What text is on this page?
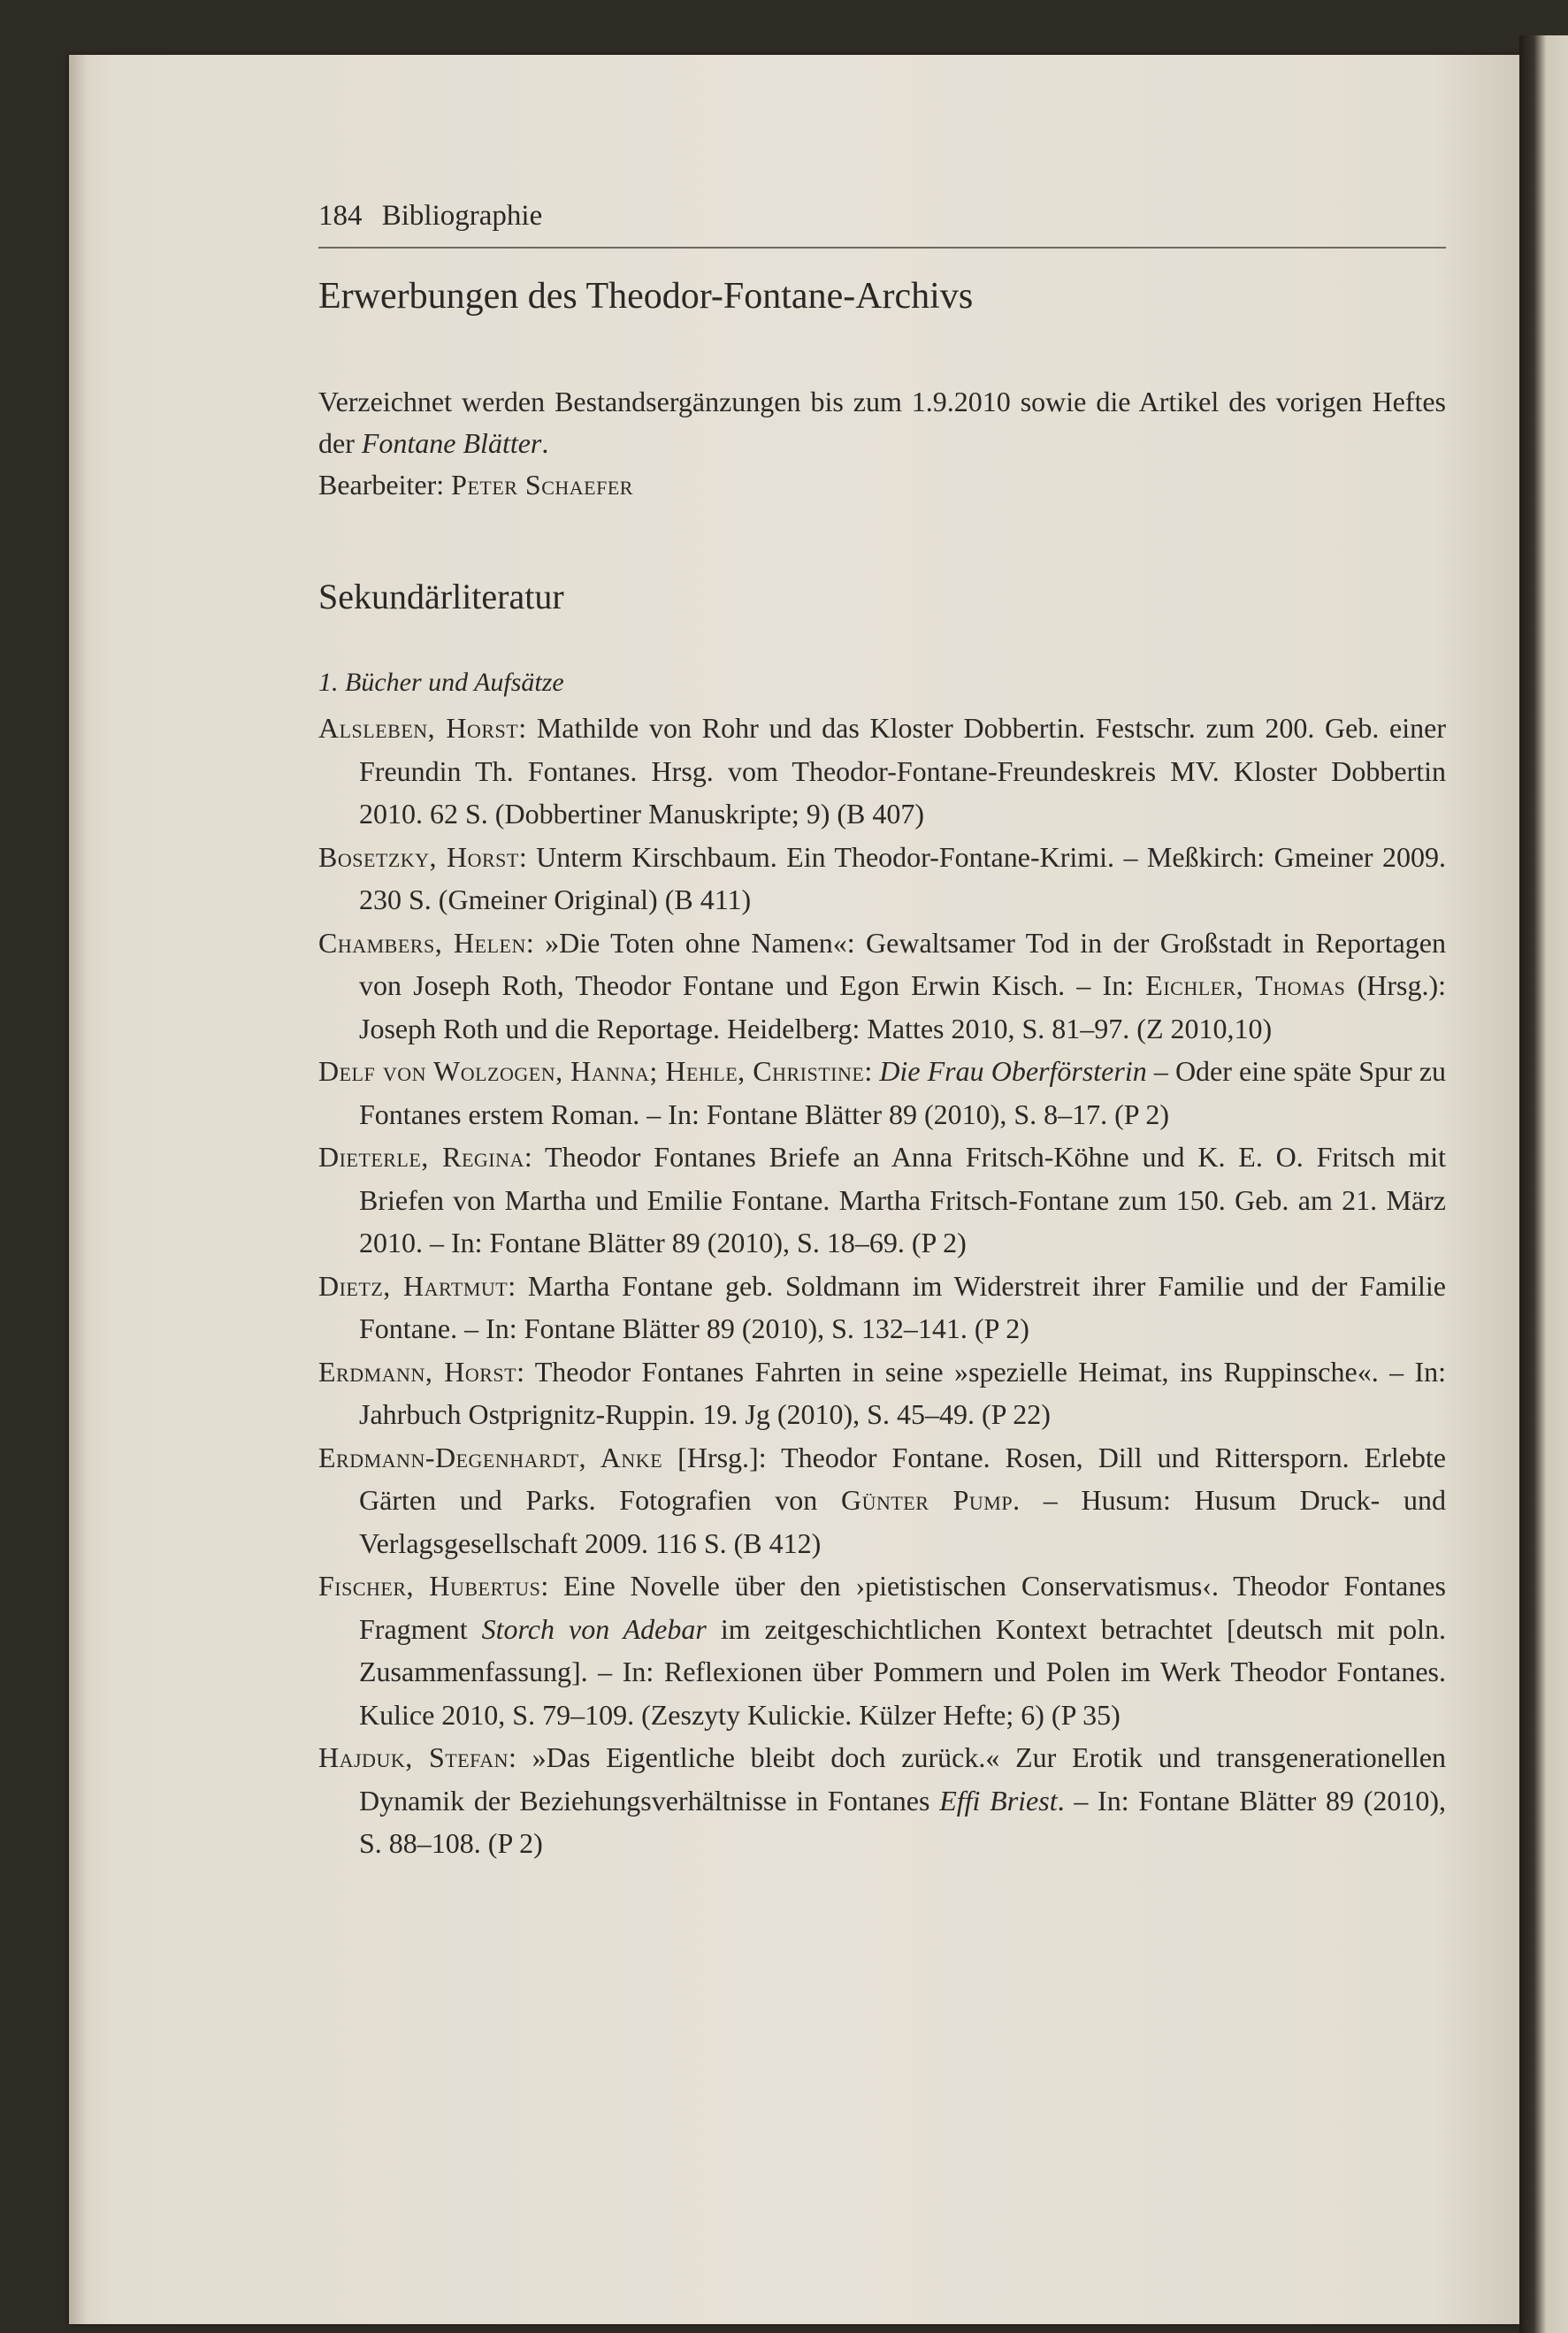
184 Bibliographie
Erwerbungen des Theodor-Fontane-Archivs

Verzeichnet werden Bestandsergänzungen bis zum 1.9.2010 sowie die Artikel des vorigen Heftes der Fontane Blätter.

Bearbeiter: Peter Schaefer

Sekundärliteratur
1. Bücher und Aufsätze
Alsleben, Horst: Mathilde von Rohr und das Kloster Dobbertin. Festschr. zum 200. Geb. einer Freundin Th. Fontanes. Hrsg. vom Theodor-Fontane-Freundeskreis MV. Kloster Dobbertin 2010. 62 S. (Dobbertiner Manuskripte; 9) (B 407)
Bosetzky, Horst: Unterm Kirschbaum. Ein Theodor-Fontane-Krimi. – Meßkirch: Gmeiner 2009. 230 S. (Gmeiner Original) (B 411)
Chambers, Helen: »Die Toten ohne Namen«: Gewaltsamer Tod in der Großstadt in Reportagen von Joseph Roth, Theodor Fontane und Egon Erwin Kisch. – In: Eichler, Thomas (Hrsg.): Joseph Roth und die Reportage. Heidelberg: Mattes 2010, S. 81–97. (Z 2010,10)
Delf von Wolzogen, Hanna; Hehle, Christine: Die Frau Oberförsterin – Oder eine späte Spur zu Fontanes erstem Roman. – In: Fontane Blätter 89 (2010), S. 8–17. (P 2)
Dieterle, Regina: Theodor Fontanes Briefe an Anna Fritsch-Köhne und K. E. O. Fritsch mit Briefen von Martha und Emilie Fontane. Martha Fritsch-Fontane zum 150. Geb. am 21. März 2010. – In: Fontane Blätter 89 (2010), S. 18–69. (P 2)
Dietz, Hartmut: Martha Fontane geb. Soldmann im Widerstreit ihrer Familie und der Familie Fontane. – In: Fontane Blätter 89 (2010), S. 132–141. (P 2)
Erdmann, Horst: Theodor Fontanes Fahrten in seine »spezielle Heimat, ins Ruppinsche«. – In: Jahrbuch Ostprignitz-Ruppin. 19. Jg (2010), S. 45–49. (P 22)
Erdmann-Degenhardt, Anke [Hrsg.]: Theodor Fontane. Rosen, Dill und Rittersporn. Erlebte Gärten und Parks. Fotografien von Günter Pump. – Husum: Husum Druck- und Verlagsgesellschaft 2009. 116 S. (B 412)
Fischer, Hubertus: Eine Novelle über den ›pietistischen Conservatismus‹. Theodor Fontanes Fragment Storch von Adebar im zeitgeschichtlichen Kontext betrachtet [deutsch mit poln. Zusammenfassung]. – In: Reflexionen über Pommern und Polen im Werk Theodor Fontanes. Kulice 2010, S. 79–109. (Zeszyty Kulickie. Külzer Hefte; 6) (P 35)
Hajduk, Stefan: »Das Eigentliche bleibt doch zurück.« Zur Erotik und transgenerationellen Dynamik der Beziehungsverhältnisse in Fontanes Effi Briest. – In: Fontane Blätter 89 (2010), S. 88–108. (P 2)
